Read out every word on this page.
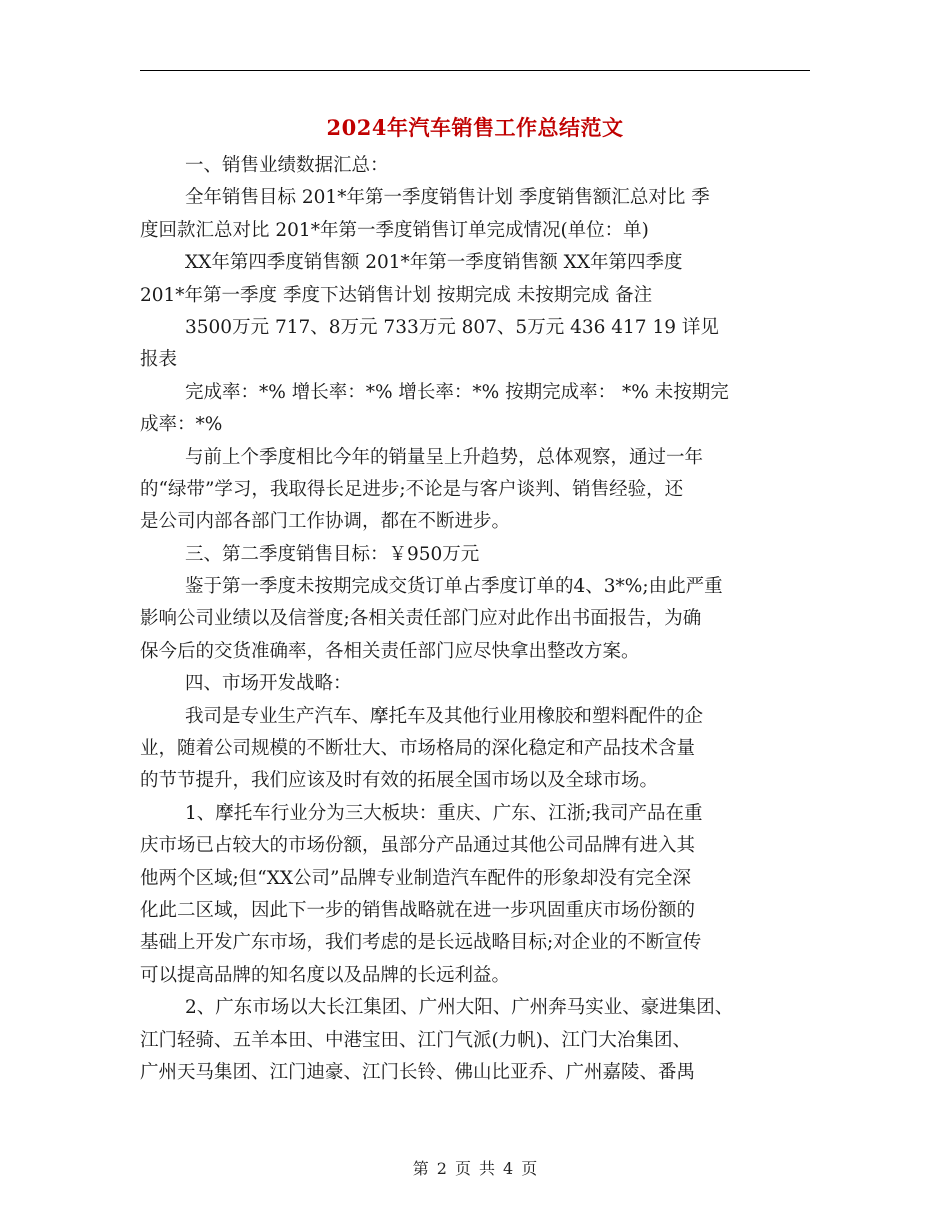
2024年汽车销售工作总结范文
一、销售业绩数据汇总：
全年销售目标 201*年第一季度销售计划 季度销售额汇总对比 季
度回款汇总对比 201*年第一季度销售订单完成情况(单位：单)
XX年第四季度销售额 201*年第一季度销售额 XX年第四季度
201*年第一季度 季度下达销售计划 按期完成 未按期完成 备注
3500万元 717、8万元 733万元 807、5万元 436 417 19 详见
报表
完成率：*% 增长率：*% 增长率：*% 按期完成率： *% 未按期完
成率：*%
与前上个季度相比今年的销量呈上升趋势，总体观察，通过一年
的“绿带”学习，我取得长足进步;不论是与客户谈判、销售经验，还
是公司内部各部门工作协调，都在不断进步。
三、第二季度销售目标：￥950万元
鉴于第一季度未按期完成交货订单占季度订单的4、3*%;由此严重
影响公司业绩以及信誉度;各相关责任部门应对此作出书面报告，为确
保今后的交货准确率，各相关责任部门应尽快拿出整改方案。
四、市场开发战略：
我司是专业生产汽车、摩托车及其他行业用橡胶和塑料配件的企
业，随着公司规模的不断壮大、市场格局的深化稳定和产品技术含量
的节节提升，我们应该及时有效的拓展全国市场以及全球市场。
1、摩托车行业分为三大板块：重庆、广东、江浙;我司产品在重
庆市场已占较大的市场份额，虽部分产品通过其他公司品牌有进入其
他两个区域;但“XX公司”品牌专业制造汽车配件的形象却没有完全深
化此二区域，因此下一步的销售战略就在进一步巩固重庆市场份额的
基础上开发广东市场，我们考虑的是长远战略目标;对企业的不断宣传
可以提高品牌的知名度以及品牌的长远利益。
2、广东市场以大长江集团、广州大阳、广州奔马实业、豪进集团、
江门轻骑、五羊本田、中港宝田、江门气派(力帆)、江门大冶集团、
广州天马集团、江门迪豪、江门长铃、佛山比亚乔、广州嘉陵、番禺
第 2 页 共 4 页
